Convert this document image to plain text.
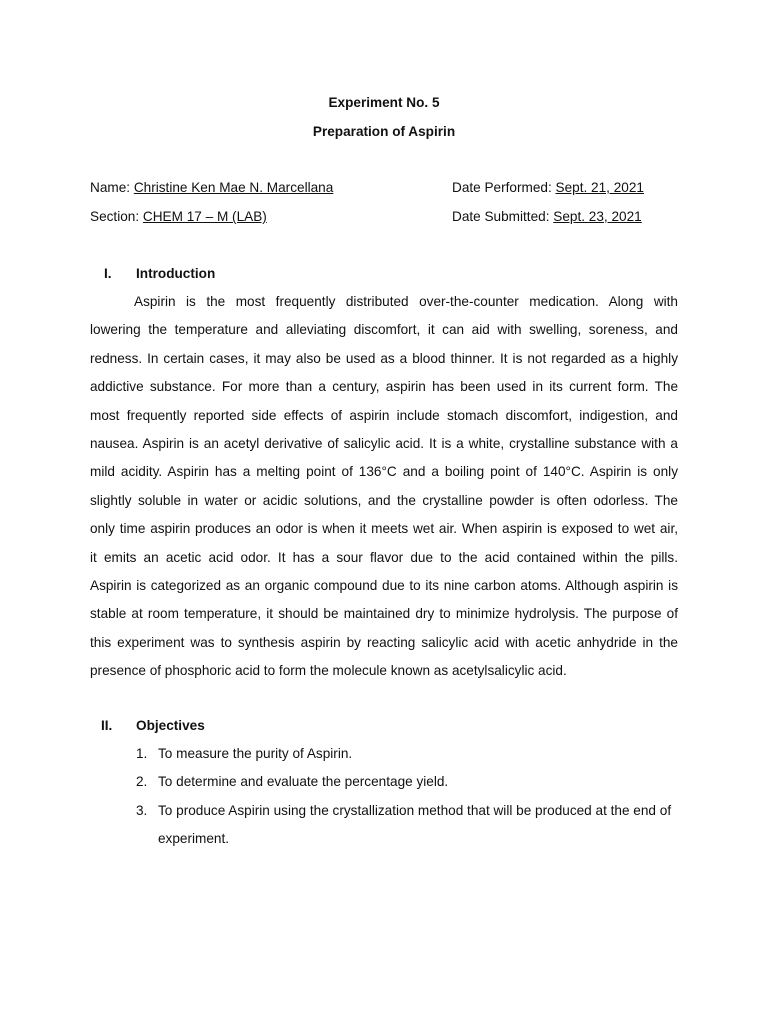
Experiment No. 5
Preparation of Aspirin
Name: Christine Ken Mae N. Marcellana	Date Performed: Sept. 21, 2021
Section: CHEM 17 – M (LAB)	Date Submitted: Sept. 23, 2021
I. Introduction
Aspirin is the most frequently distributed over-the-counter medication. Along with
lowering the temperature and alleviating discomfort, it can aid with swelling, soreness, and
redness. In certain cases, it may also be used as a blood thinner. It is not regarded as a highly
addictive substance. For more than a century, aspirin has been used in its current form. The
most frequently reported side effects of aspirin include stomach discomfort, indigestion, and
nausea. Aspirin is an acetyl derivative of salicylic acid. It is a white, crystalline substance with a
mild acidity. Aspirin has a melting point of 136°C and a boiling point of 140°C. Aspirin is only
slightly soluble in water or acidic solutions, and the crystalline powder is often odorless. The
only time aspirin produces an odor is when it meets wet air. When aspirin is exposed to wet air,
it emits an acetic acid odor. It has a sour flavor due to the acid contained within the pills.
Aspirin is categorized as an organic compound due to its nine carbon atoms. Although aspirin is
stable at room temperature, it should be maintained dry to minimize hydrolysis. The purpose of
this experiment was to synthesis aspirin by reacting salicylic acid with acetic anhydride in the
presence of phosphoric acid to form the molecule known as acetylsalicylic acid.
II. Objectives
1. To measure the purity of Aspirin.
2. To determine and evaluate the percentage yield.
3. To produce Aspirin using the crystallization method that will be produced at the end of experiment.
